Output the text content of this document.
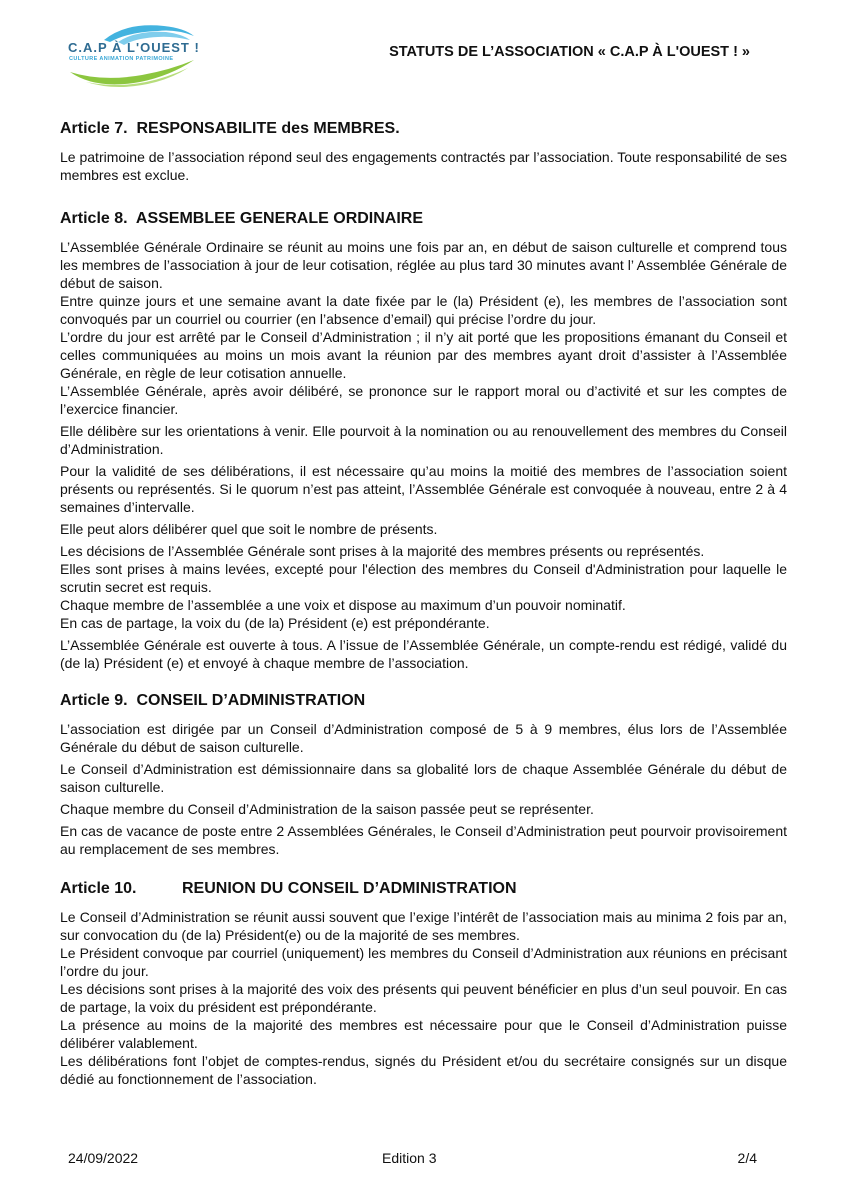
C.A.P À L'OUEST !
CULTURE ANIMATION PATRIMOINE	STATUTS DE L’ASSOCIATION « C.A.P À L'OUEST ! »
Article 7. RESPONSABILITE des MEMBRES.

Le patrimoine de l’association répond seul des engagements contractés par l’association. Toute responsabilité de ses membres est exclue.

Article 8. ASSEMBLEE GENERALE ORDINAIRE

L’Assemblée Générale Ordinaire se réunit au moins une fois par an, en début de saison culturelle et comprend tous les membres de l’association à jour de leur cotisation, réglée au plus tard 30 minutes avant l’ Assemblée Générale de début de saison.

Entre quinze jours et une semaine avant la date fixée par le (la) Président (e), les membres de l’association sont convoqués par un courriel ou courrier (en l’absence d’email) qui précise l’ordre du jour.

L’ordre du jour est arrêté par le Conseil d’Administration ; il n’y ait porté que les propositions émanant du Conseil et celles communiquées au moins un mois avant la réunion par des membres ayant droit d’assister à l’Assemblée Générale, en règle de leur cotisation annuelle.

L’Assemblée Générale, après avoir délibéré, se prononce sur le rapport moral ou d’activité et sur les comptes de l’exercice financier.

Elle délibère sur les orientations à venir. Elle pourvoit à la nomination ou au renouvellement des membres du Conseil d’Administration.

Pour la validité de ses délibérations, il est nécessaire qu’au moins la moitié des membres de l’association soient présents ou représentés. Si le quorum n’est pas atteint, l’Assemblée Générale est convoquée à nouveau, entre 2 à 4 semaines d’intervalle.

Elle peut alors délibérer quel que soit le nombre de présents.

Les décisions de l’Assemblée Générale sont prises à la majorité des membres présents ou représentés.

Elles sont prises à mains levées, excepté pour l'élection des membres du Conseil d'Administration pour laquelle le scrutin secret est requis.

Chaque membre de l’assemblée a une voix et dispose au maximum d’un pouvoir nominatif.

En cas de partage, la voix du (de la) Président (e) est prépondérante.

L’Assemblée Générale est ouverte à tous. A l’issue de l’Assemblée Générale, un compte-rendu est rédigé, validé du (de la) Président (e) et envoyé à chaque membre de l’association.

Article 9. CONSEIL D’ADMINISTRATION

L’association est dirigée par un Conseil d’Administration composé de 5 à 9 membres, élus lors de l’Assemblée Générale du début de saison culturelle.

Le Conseil d’Administration est démissionnaire dans sa globalité lors de chaque Assemblée Générale du début de saison culturelle.

Chaque membre du Conseil d’Administration de la saison passée peut se représenter.

En cas de vacance de poste entre 2 Assemblées Générales, le Conseil d’Administration peut pourvoir provisoirement au remplacement de ses membres.

Article 10.	REUNION DU CONSEIL D’ADMINISTRATION

Le Conseil d’Administration se réunit aussi souvent que l’exige l’intérêt de l’association mais au minima 2 fois par an, sur convocation du (de la) Président(e) ou de la majorité de ses membres.

Le Président convoque par courriel (uniquement) les membres du Conseil d’Administration aux réunions en précisant l’ordre du jour.

Les décisions sont prises à la majorité des voix des présents qui peuvent bénéficier en plus d’un seul pouvoir. En cas de partage, la voix du président est prépondérante.

La présence au moins de la majorité des membres est nécessaire pour que le Conseil d’Administration puisse délibérer valablement.

Les délibérations font l’objet de comptes-rendus, signés du Président et/ou du secrétaire consignés sur un disque dédié au fonctionnement de l’association.

24/09/2022	Edition 3	2/4
